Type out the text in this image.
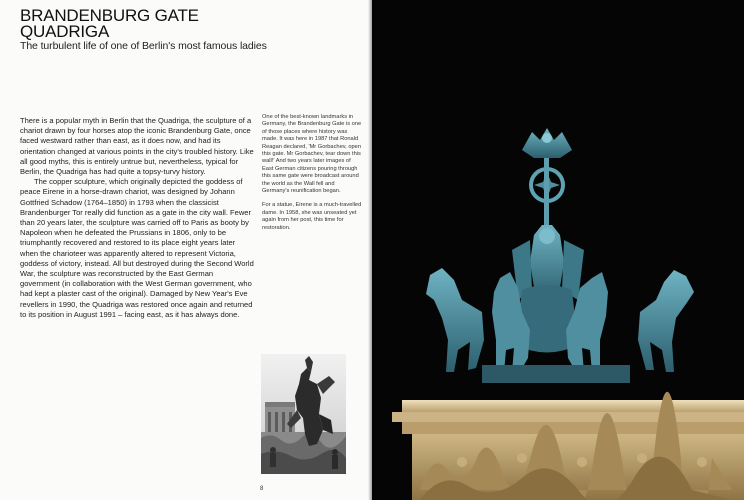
BRANDENBURG GATE
QUADRIGA

The turbulent life of one of Berlin's most famous ladies

There is a popular myth in Berlin that the Quadriga, the sculpture of a chariot drawn by four horses atop the iconic Brandenburg Gate, once faced westward rather than east, as it does now, and had its orientation changed at various points in the city's troubled history. Like all good myths, this is entirely untrue but, nevertheless, typical for Berlin, the Quadriga has had quite a topsy-turvy history.

The copper sculpture, which originally depicted the goddess of peace Eirene in a horse-drawn chariot, was designed by Johann Gottfried Schadow (1764–1850) in 1793 when the classicist Brandenburger Tor really did function as a gate in the city wall. Fewer than 20 years later, the sculpture was carried off to Paris as booty by Napoleon when he defeated the Prussians in 1806, only to be triumphantly recovered and restored to its place eight years later when the charioteer was apparently altered to represent Victoria, goddess of victory, instead. All but destroyed during the Second World War, the sculpture was reconstructed by the East German government (in collaboration with the West German government, who had kept a plaster cast of the original). Damaged by New Year's Eve revellers in 1990, the Quadriga was restored once again and returned to its position in August 1991 – facing east, as it has always done.

One of the best-known landmarks in Germany, the Brandenburg Gate is one of those places where history was made. It was here in 1987 that Ronald Reagan declared, 'Mr Gorbachev, open this gate. Mr Gorbachev, tear down this wall!' And two years later images of East German citizens pouring through this same gate were broadcast around the world as the Wall fell and Germany's reunification began.

For a statue, Eirene is a much-travelled dame. In 1958, she was unseated yet again from her post, this time for restoration.

8
